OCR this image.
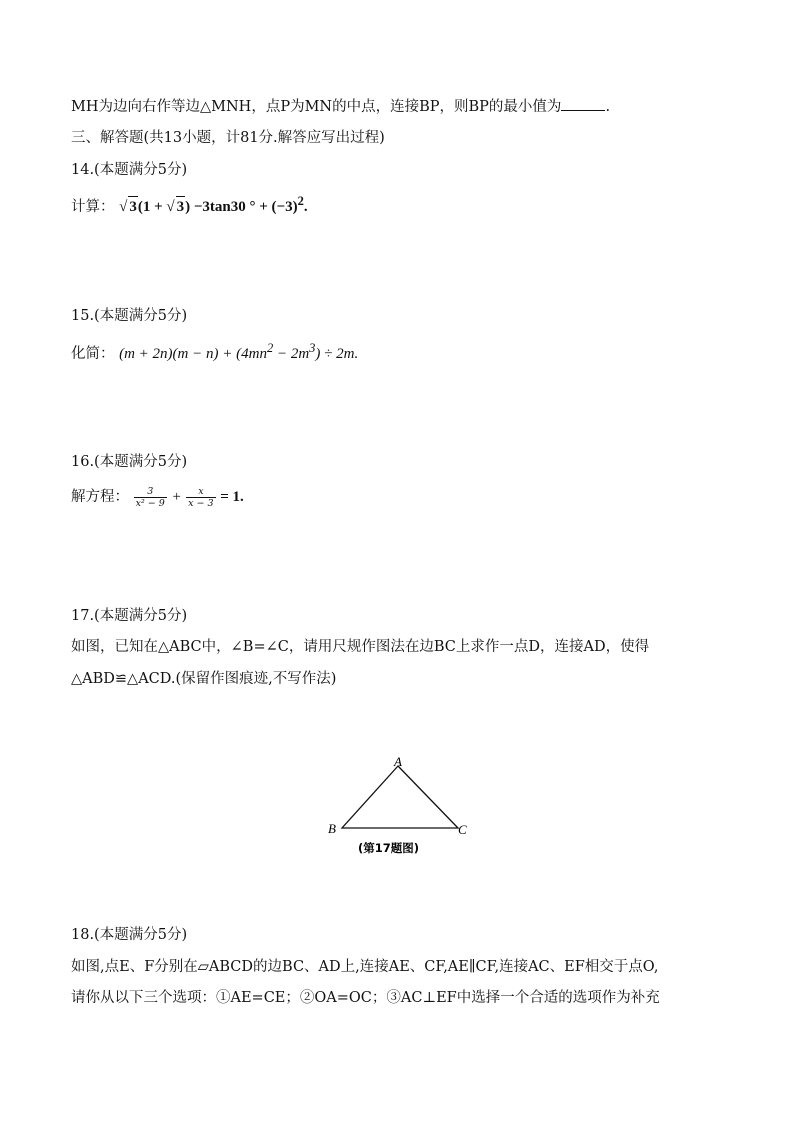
MH为边向右作等边△MNH，点P为MN的中点，连接BP，则BP的最小值为	.
三、解答题(共13小题，计81分.解答应写出过程)
14.(本题满分5分)
计算： √ 3(1 + √ 3) −3tan30 ° + $(-3)^2$.
15.(本题满分5分)
化简： $(m + 2n)(m - n) + (4mn^2 - 2m^3) \div 2m$.
16.(本题满分5分)
解方程： $\frac{3}{\text{x² − 9}} + \frac{x}{x - 3} = 1$.
17.(本题满分5分)
如图，已知在△ABC中，∠B=∠C，请用尺规作图法在边BC上求作一点D，连接AD，使得
△ABD≌△ACD.(保留作图痕迹,不写作法)
A
B	C
(第17题图)
18.(本题满分5分)
如图,点E、F分别在▱ABCD的边BC、AD上,连接AE、CF,AE∥CF,连接AC、EF相交于点O,
请你从以下三个选项：①AE=CE；②OA=OC；③AC⊥EF中选择一个合适的选项作为补充
